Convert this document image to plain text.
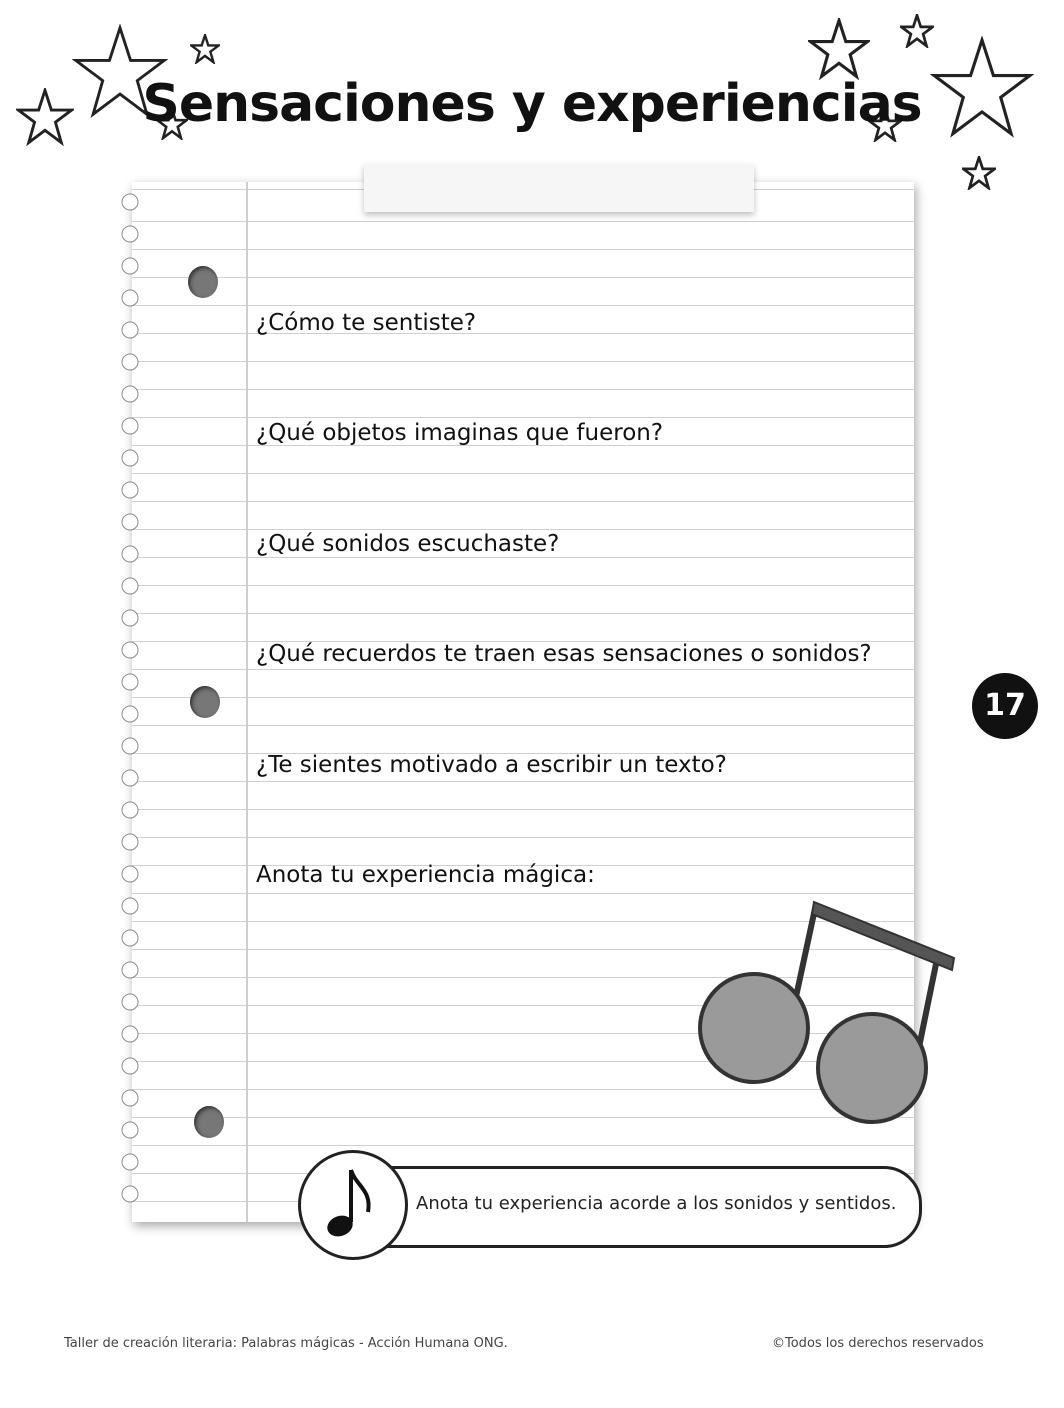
Sensaciones y experiencias
¿Cómo te sentiste?
¿Qué objetos imaginas que fueron?
¿Qué sonidos escuchaste?
¿Qué recuerdos te traen esas sensaciones o sonidos?
¿Te sientes motivado a escribir un texto?
Anota tu experiencia mágica:
17
Anota tu experiencia acorde a los sonidos y sentidos.
Taller de creación literaria: Palabras mágicas - Acción Humana ONG.	©Todos los derechos reservados
